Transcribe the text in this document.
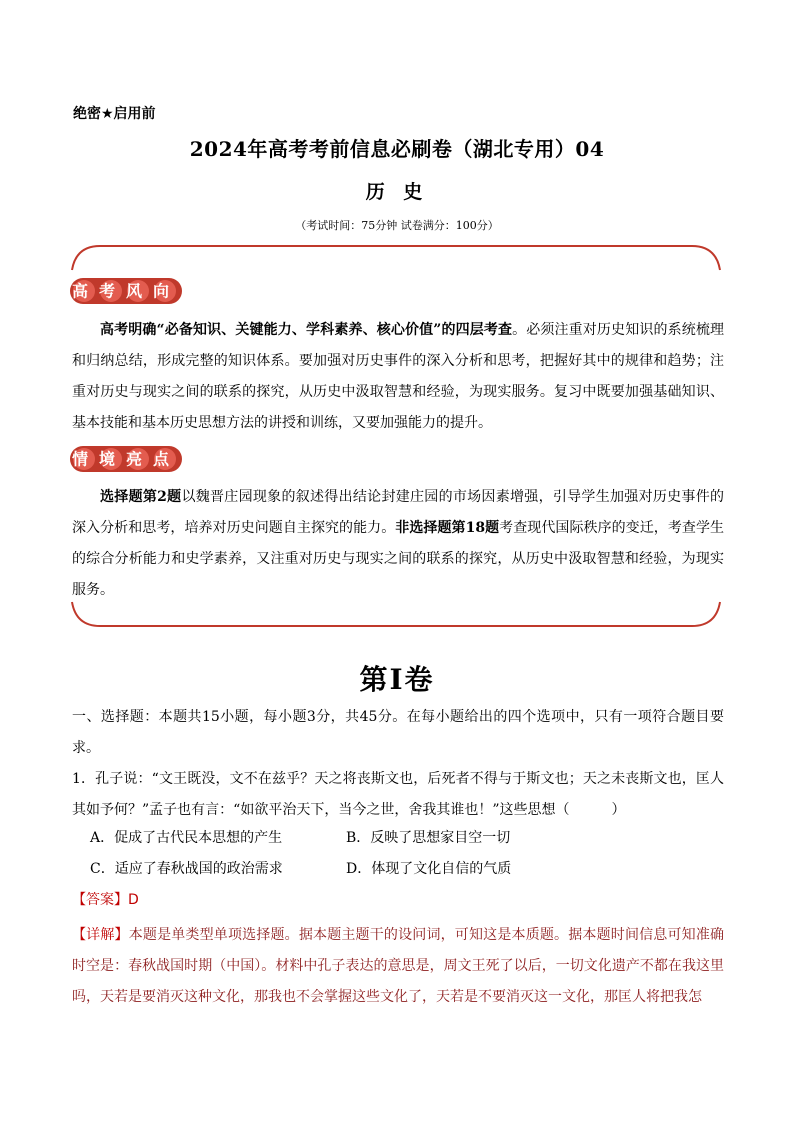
绝密★启用前
2024年高考考前信息必刷卷（湖北专用）04
历 史
（考试时间：75分钟 试卷满分：100分）
高考风向
高考明确“必备知识、关键能力、学科素养、核心价值”的四层考查。必须注重对历史知识的系统梳理和归纳总结，形成完整的知识体系。要加强对历史事件的深入分析和思考，把握好其中的规律和趋势；注重对历史与现实之间的联系的探究，从历史中汲取智慧和经验，为现实服务。复习中既要加强基础知识、基本技能和基本历史思想方法的讲授和训练，又要加强能力的提升。
情境亮点
选择题第2题以魏晋庄园现象的叙述得出结论封建庄园的市场因素增强，引导学生加强对历史事件的深入分析和思考，培养对历史问题自主探究的能力。非选择题第18题考查现代国际秩序的变迁，考查学生的综合分析能力和史学素养，又注重对历史与现实之间的联系的探究，从历史中汲取智慧和经验，为现实服务。
第I卷
一、选择题：本题共15小题，每小题3分，共45分。在每小题给出的四个选项中，只有一项符合题目要求。
1．孔子说：“文王既没，文不在兹乎？天之将丧斯文也，后死者不得与于斯文也；天之未丧斯文也，匡人其如予何？”孟子也有言：“如欲平治天下，当今之世，舍我其谁也！”这些思想（　　　）
A．促成了古代民本思想的产生	B．反映了思想家目空一切
C．适应了春秋战国的政治需求	D．体现了文化自信的气质
【答案】D
【详解】本题是单类型单项选择题。据本题主题干的设问词，可知这是本质题。据本题时间信息可知准确时空是：春秋战国时期（中国）。材料中孔子表达的意思是，周文王死了以后，一切文化遗产不都在我这里吗，天若是要消灭这种文化，那我也不会掌握这些文化了，天若是不要消灭这一文化，那匡人将把我怎
